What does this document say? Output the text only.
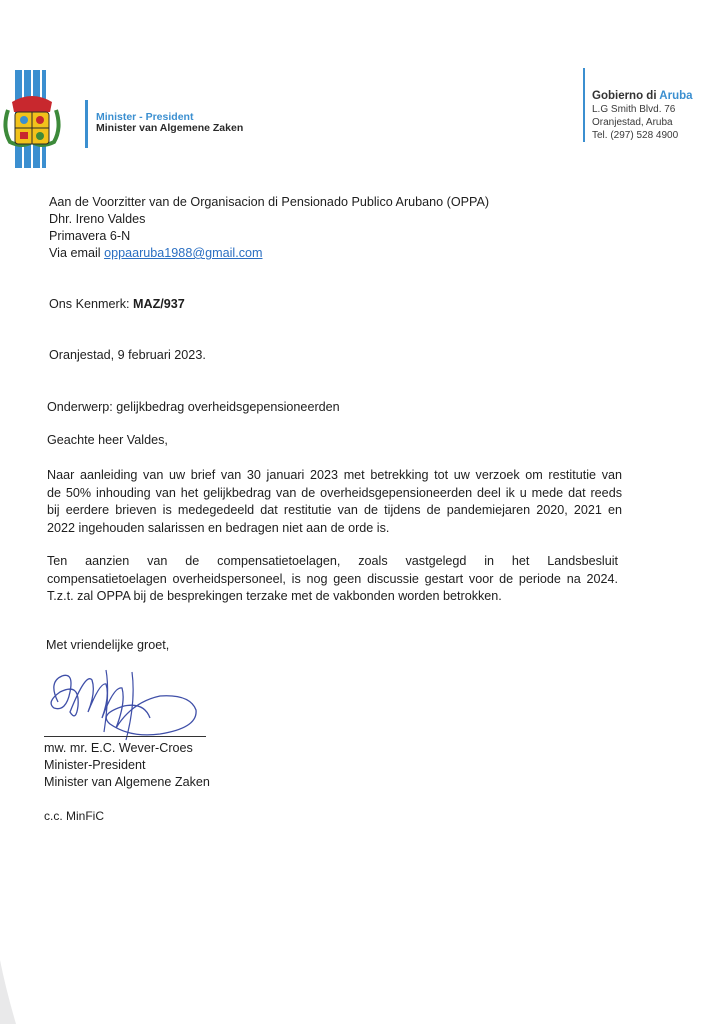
Minister - President
Minister van Algemene Zaken
Gobierno di Aruba
L.G Smith Blvd. 76
Oranjestad, Aruba
Tel. (297) 528 4900
Aan de Voorzitter van de Organisacion di Pensionado Publico Arubano (OPPA)
Dhr. Ireno Valdes
Primavera 6-N
Via email oppaaruba1988@gmail.com
Ons Kenmerk: MAZ/937
Oranjestad, 9 februari 2023.
Onderwerp: gelijkbedrag overheidsgepensioneerden
Geachte heer Valdes,
Naar aanleiding van uw brief van 30 januari 2023 met betrekking tot uw verzoek om restitutie van
de 50% inhouding van het gelijkbedrag van de overheidsgepensioneerden deel ik u mede dat reeds
bij eerdere brieven is medegedeeld dat restitutie van de tijdens de pandemiejaren 2020, 2021 en
2022 ingehouden salarissen en bedragen niet aan de orde is.
Ten aanzien van de compensatietoelagen, zoals vastgelegd in het Landsbesluit
compensatietoelagen overheidspersoneel, is nog geen discussie gestart voor de periode na 2024.
T.z.t. zal OPPA bij de besprekingen terzake met de vakbonden worden betrokken.
Met vriendelijke groet,
mw. mr. E.C. Wever-Croes
Minister-President
Minister van Algemene Zaken
c.c. MinFiC
